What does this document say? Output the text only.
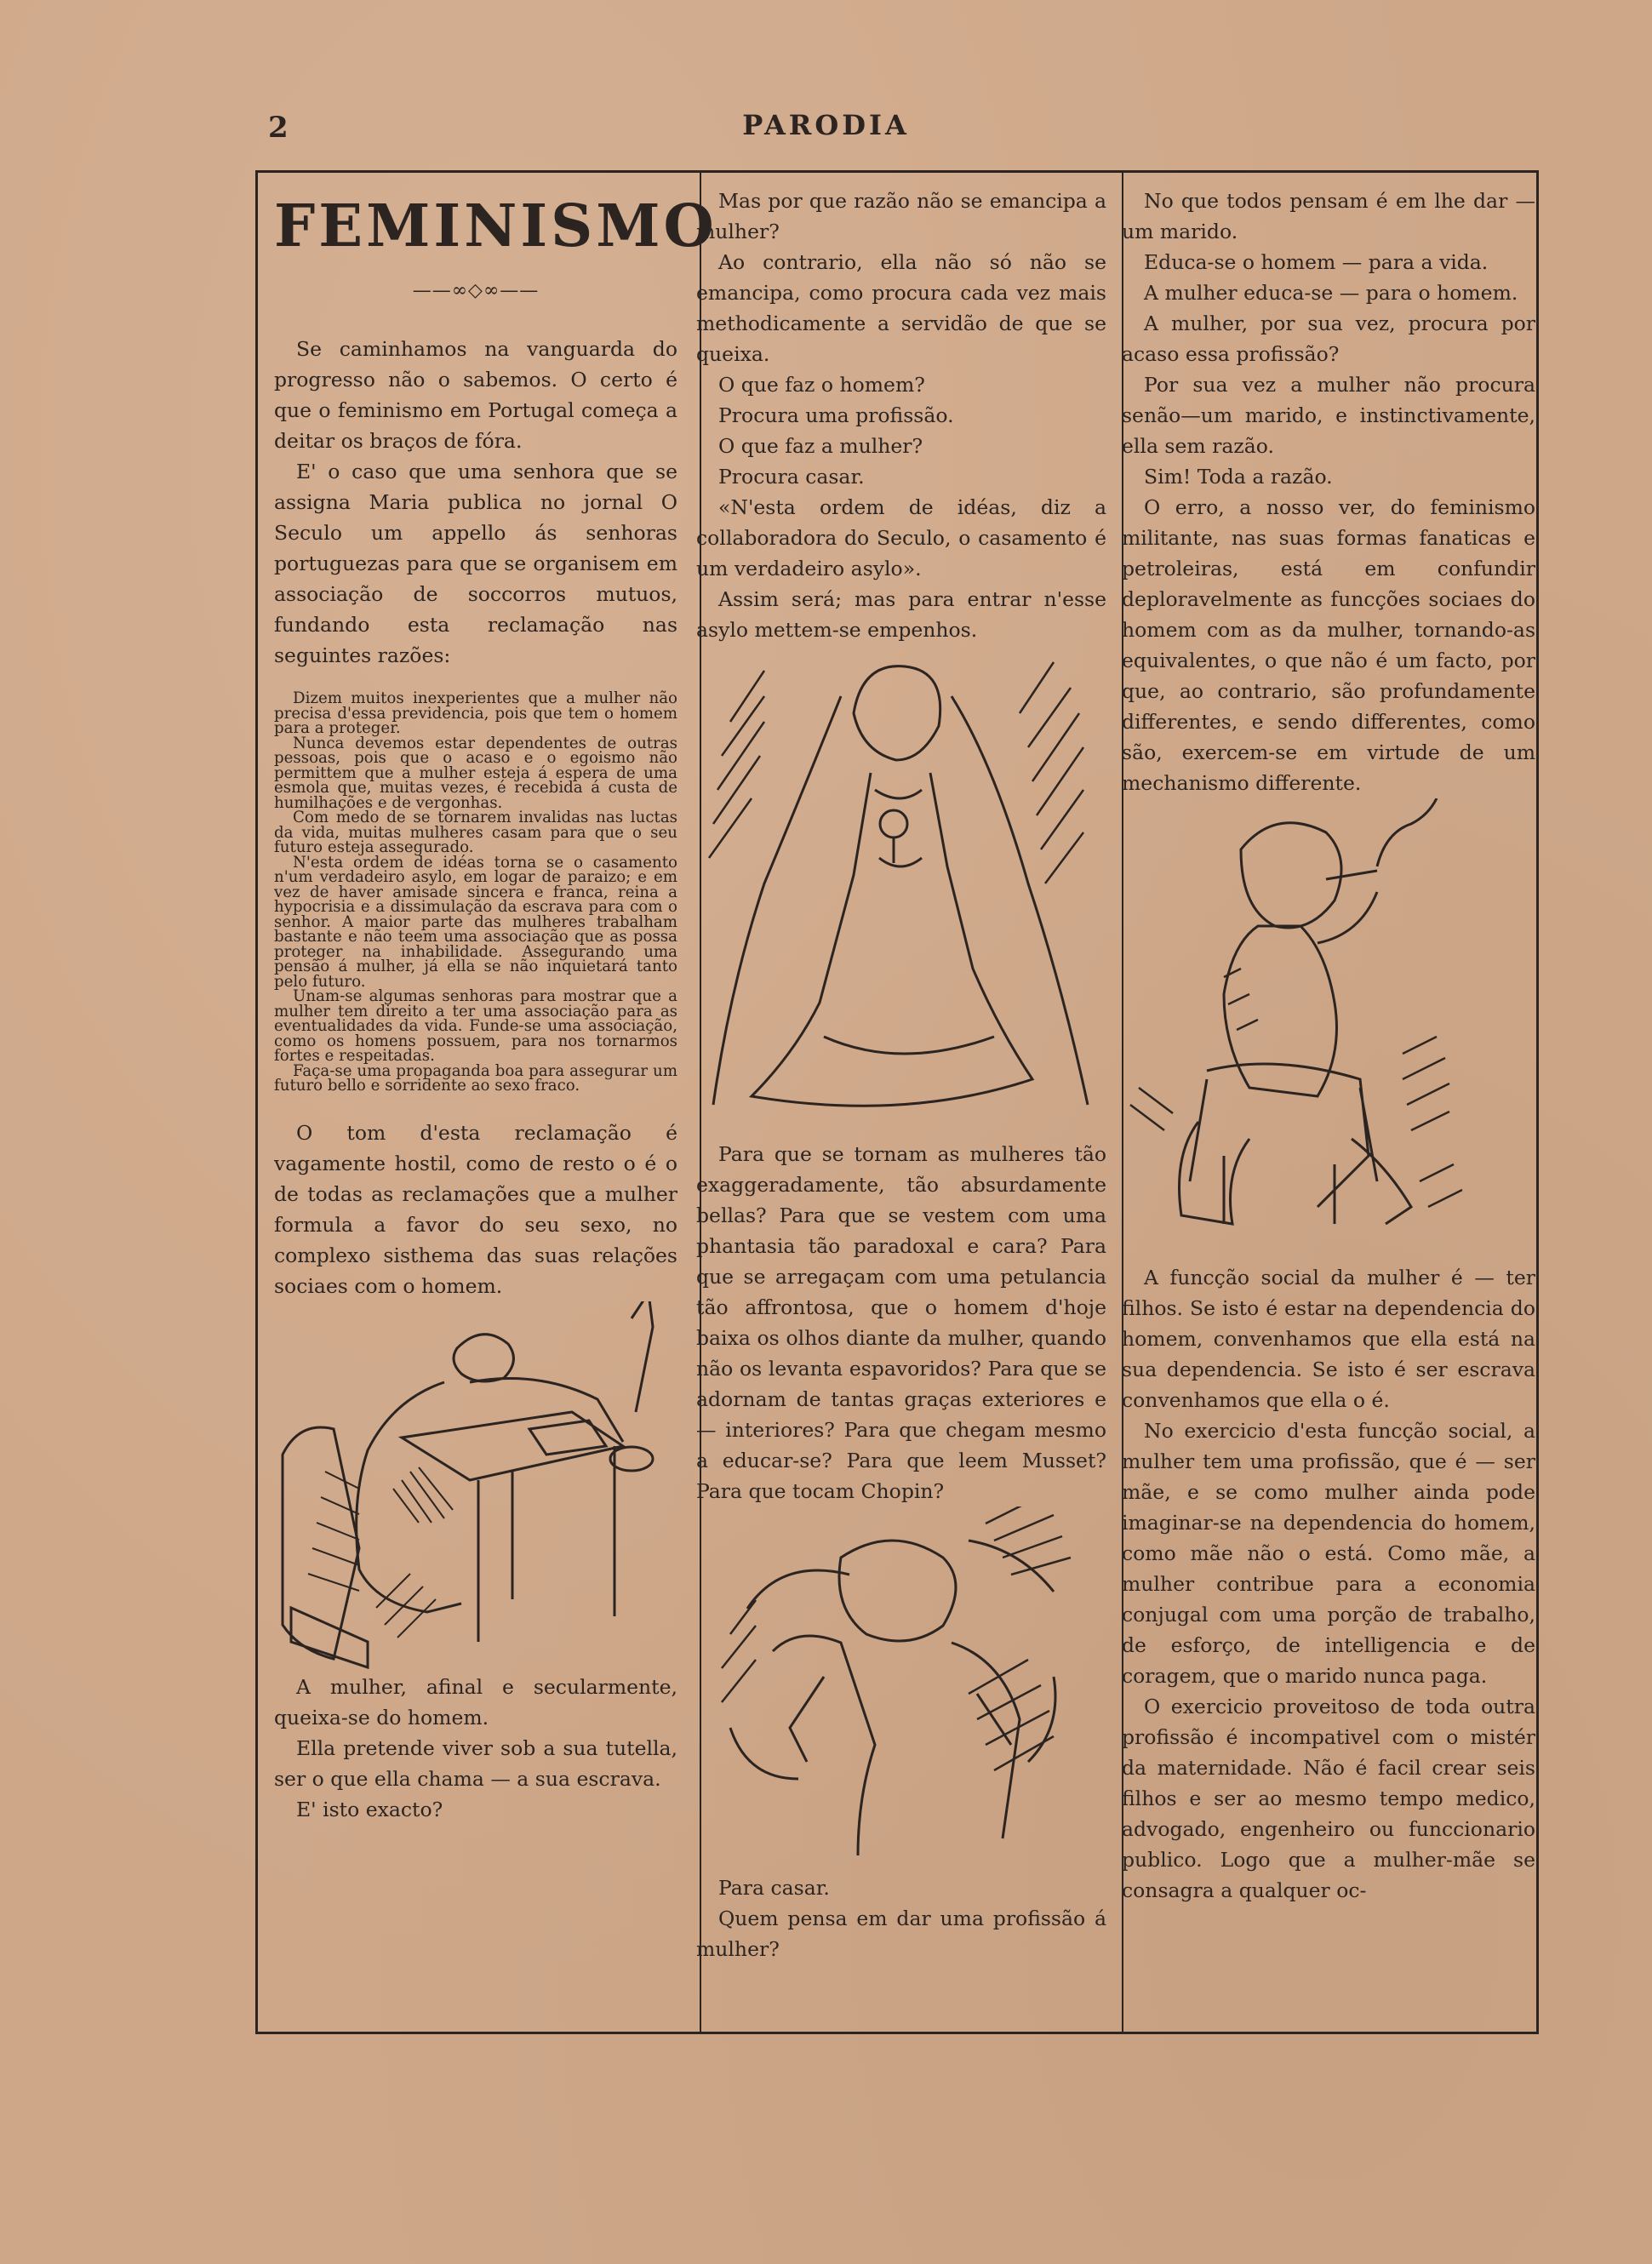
2	PARODIA
FEMINISMO
——∞◇∞——

Se caminhamos na vanguarda do progresso não o sabemos. O certo é que o feminismo em Portugal começa a deitar os braços de fóra.

E' o caso que uma senhora que se assigna Maria publica no jornal O Seculo um appello ás senhoras portuguezas para que se organisem em associação de soccorros mutuos, fundando esta reclamação nas seguintes razões:

Dizem muitos inexperientes que a mulher não precisa d'essa previdencia, pois que tem o homem para a proteger.

Nunca devemos estar dependentes de outras pessoas, pois que o acaso e o egoismo não permittem que a mulher esteja á espera de uma esmola que, muitas vezes, é recebida á custa de humilhações e de vergonhas.

Com medo de se tornarem invalidas nas luctas da vida, muitas mulheres casam para que o seu futuro esteja assegurado.

N'esta ordem de idéas torna se o casamento n'um verdadeiro asylo, em logar de paraizo; e em vez de haver amisade sincera e franca, reina a hypocrisia e a dissimulação da escrava para com o senhor. A maior parte das mulheres trabalham bastante e não teem uma associação que as possa proteger na inhabilidade. Assegurando uma pensão á mulher, já ella se não inquietará tanto pelo futuro.

Unam-se algumas senhoras para mostrar que a mulher tem direito a ter uma associação para as eventualidades da vida. Funde-se uma associação, como os homens possuem, para nos tornarmos fortes e respeitadas.

Faça-se uma propaganda boa para assegurar um futuro bello e sorridente ao sexo fraco.

O tom d'esta reclamação é vagamente hostil, como de resto o é o de todas as reclamações que a mulher formula a favor do seu sexo, no complexo sisthema das suas relações sociaes com o homem.

A mulher, afinal e secularmente, queixa-se do homem.

Ella pretende viver sob a sua tutella, ser o que ella chama — a sua escrava.

E' isto exacto?

Mas por que razão não se emancipa a mulher?

Ao contrario, ella não só não se emancipa, como procura cada vez mais methodicamente a servidão de que se queixa.

O que faz o homem?

Procura uma profissão.

O que faz a mulher?

Procura casar.

«N'esta ordem de idéas, diz a collaboradora do Seculo, o casamento é um verdadeiro asylo».

Assim será; mas para entrar n'esse asylo mettem-se empenhos.

Para que se tornam as mulheres tão exaggeradamente, tão absurdamente bellas? Para que se vestem com uma phantasia tão paradoxal e cara? Para que se arregaçam com uma petulancia tão affrontosa, que o homem d'hoje baixa os olhos diante da mulher, quando não os levanta espavoridos? Para que se adornam de tantas graças exteriores e — interiores? Para que chegam mesmo a educar-se? Para que leem Musset? Para que tocam Chopin?

Para casar.

Quem pensa em dar uma profissão á mulher?

No que todos pensam é em lhe dar —um marido.

Educa-se o homem — para a vida.

A mulher educa-se — para o homem.

A mulher, por sua vez, procura por acaso essa profissão?

Por sua vez a mulher não procura senão—um marido, e instinctivamente, ella sem razão.

Sim! Toda a razão.

O erro, a nosso ver, do feminismo militante, nas suas formas fanaticas e petroleiras, está em confundir deploravelmente as funcções sociaes do homem com as da mulher, tornando-as equivalentes, o que não é um facto, por que, ao contrario, são profundamente differentes, e sendo differentes, como são, exercem-se em virtude de um mechanismo differente.

A funcção social da mulher é — ter filhos. Se isto é estar na dependencia do homem, convenhamos que ella está na sua dependencia. Se isto é ser escrava convenhamos que ella o é.

No exercicio d'esta funcção social, a mulher tem uma profissão, que é — ser mãe, e se como mulher ainda pode imaginar-se na dependencia do homem, como mãe não o está. Como mãe, a mulher contribue para a economia conjugal com uma porção de trabalho, de esforço, de intelligencia e de coragem, que o marido nunca paga.

O exercicio proveitoso de toda outra profissão é incompativel com o mistér da maternidade. Não é facil crear seis filhos e ser ao mesmo tempo medico, advogado, engenheiro ou funccionario publico. Logo que a mulher-mãe se consagra a qualquer oc-
